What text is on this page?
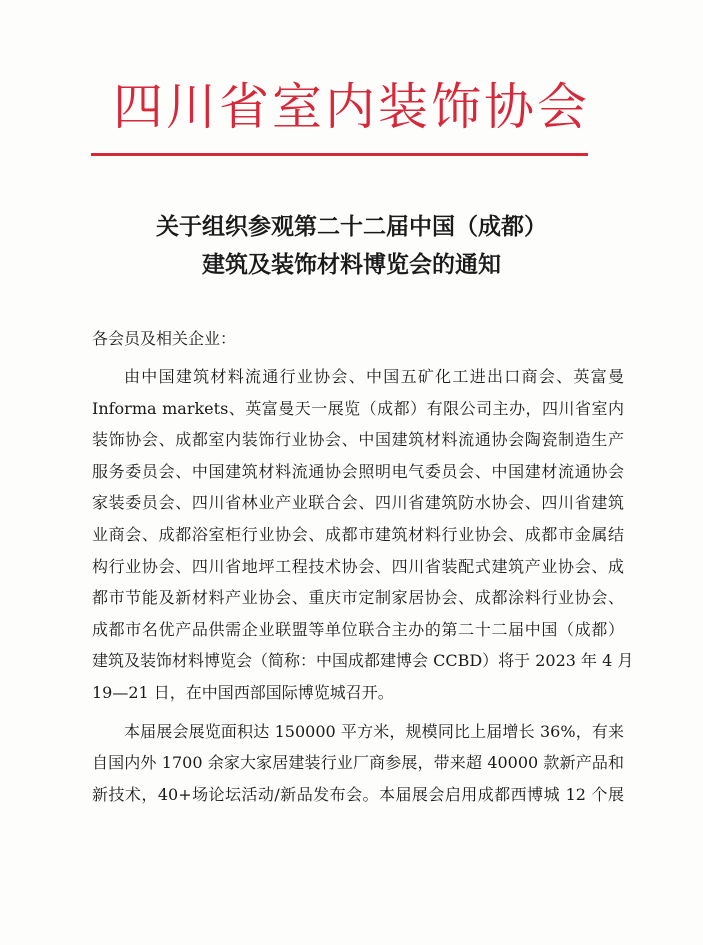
四川省室内装饰协会
关于组织参观第二十二届中国（成都）
建筑及装饰材料博览会的通知
各会员及相关企业：
由中国建筑材料流通行业协会、中国五矿化工进出口商会、英富曼
Informa markets、英富曼天一展览（成都）有限公司主办，四川省室内
装饰协会、成都室内装饰行业协会、中国建筑材料流通协会陶瓷制造生产
服务委员会、中国建筑材料流通协会照明电气委员会、中国建材流通协会
家装委员会、四川省林业产业联合会、四川省建筑防水协会、四川省建筑
业商会、成都浴室柜行业协会、成都市建筑材料行业协会、成都市金属结
构行业协会、四川省地坪工程技术协会、四川省装配式建筑产业协会、成
都市节能及新材料产业协会、重庆市定制家居协会、成都涂料行业协会、
成都市名优产品供需企业联盟等单位联合主办的第二十二届中国（成都）
建筑及装饰材料博览会（简称：中国成都建博会 CCBD）将于 2023 年 4 月
19—21 日，在中国西部国际博览城召开。
本届展会展览面积达 150000 平方米，规模同比上届增长 36%，有来
自国内外 1700 余家大家居建装行业厂商参展，带来超 40000 款新产品和
新技术，40+场论坛活动/新品发布会。本届展会启用成都西博城 12 个展
